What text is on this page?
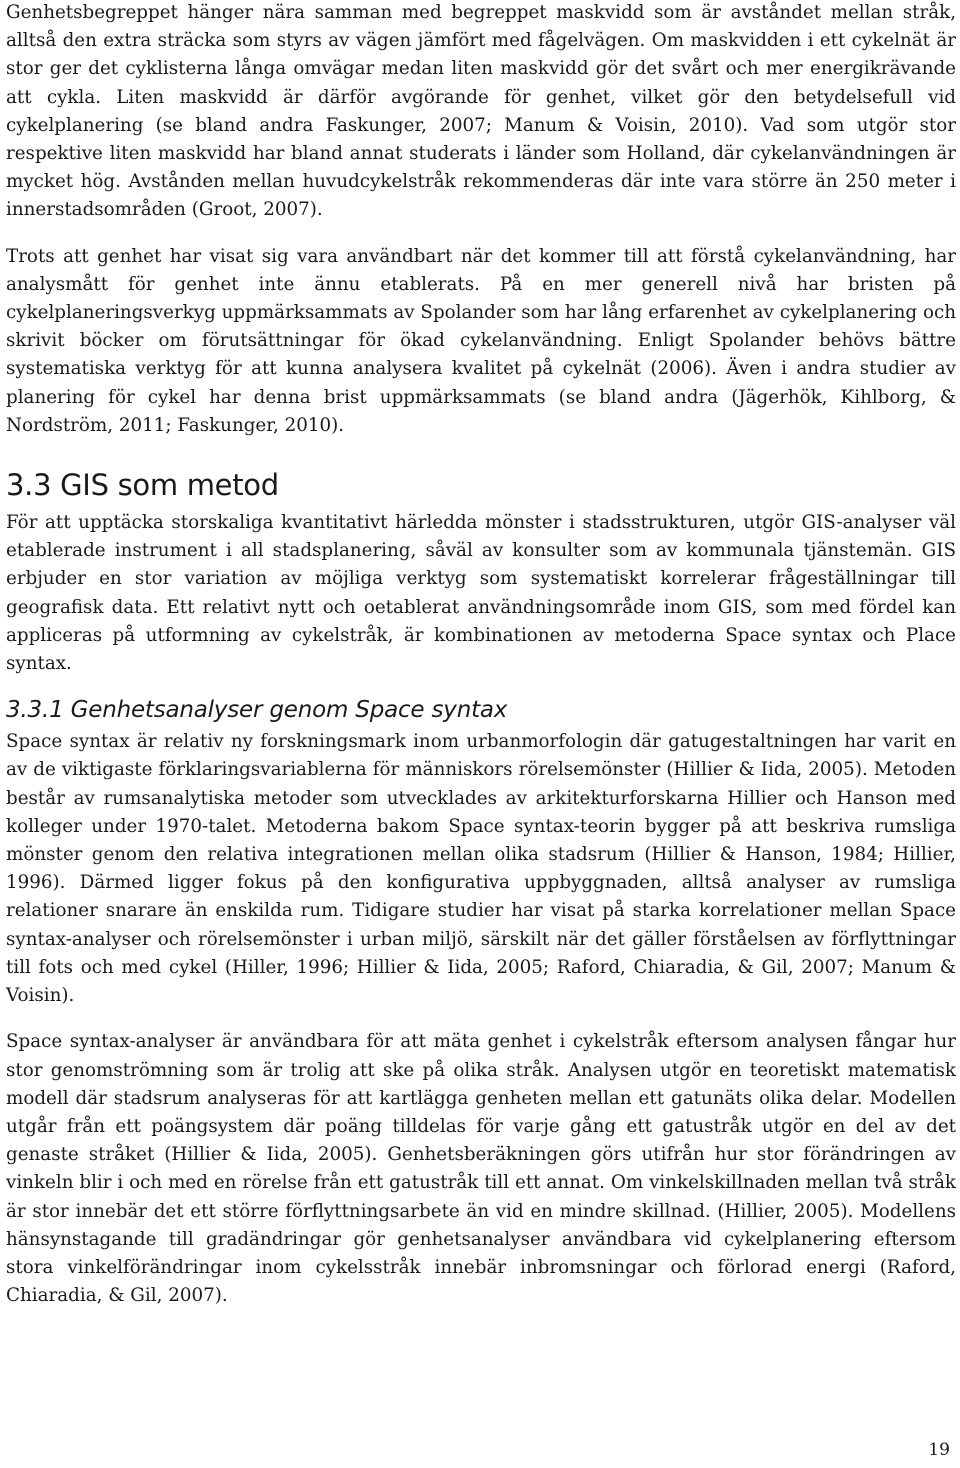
Genhetsbegreppet hänger nära samman med begreppet maskvidd som är avståndet mellan stråk, alltså den extra sträcka som styrs av vägen jämfört med fågelvägen. Om maskvidden i ett cykelnät är stor ger det cyklisterna långa omvägar medan liten maskvidd gör det svårt och mer energikrävande att cykla. Liten maskvidd är därför avgörande för genhet, vilket gör den betydelsefull vid cykelplanering (se bland andra Faskunger, 2007; Manum & Voisin, 2010). Vad som utgör stor respektive liten maskvidd har bland annat studerats i länder som Holland, där cykelanvändningen är mycket hög. Avstånden mellan huvudcykelstråk rekommenderas där inte vara större än 250 meter i innerstadsområden (Groot, 2007).

Trots att genhet har visat sig vara användbart när det kommer till att förstå cykelanvändning, har analysmått för genhet inte ännu etablerats. På en mer generell nivå har bristen på cykelplaneringsverkyg uppmärksammats av Spolander som har lång erfarenhet av cykelplanering och skrivit böcker om förutsättningar för ökad cykelanvändning. Enligt Spolander behövs bättre systematiska verktyg för att kunna analysera kvalitet på cykelnät (2006). Även i andra studier av planering för cykel har denna brist uppmärksammats (se bland andra (Jägerhök, Kihlborg, & Nordström, 2011; Faskunger, 2010).

3.3 GIS som metod

För att upptäcka storskaliga kvantitativt härledda mönster i stadsstrukturen, utgör GIS-analyser väl etablerade instrument i all stadsplanering, såväl av konsulter som av kommunala tjänstemän. GIS erbjuder en stor variation av möjliga verktyg som systematiskt korrelerar frågeställningar till geografisk data. Ett relativt nytt och oetablerat användningsområde inom GIS, som med fördel kan appliceras på utformning av cykelstråk, är kombinationen av metoderna Space syntax och Place syntax.

3.3.1 Genhetsanalyser genom Space syntax

Space syntax är relativ ny forskningsmark inom urbanmorfologin där gatugestaltningen har varit en av de viktigaste förklaringsvariablerna för människors rörelsemönster (Hillier & Iida, 2005). Metoden består av rumsanalytiska metoder som utvecklades av arkitekturforskarna Hillier och Hanson med kolleger under 1970-talet. Metoderna bakom Space syntax-teorin bygger på att beskriva rumsliga mönster genom den relativa integrationen mellan olika stadsrum (Hillier & Hanson, 1984; Hillier, 1996). Därmed ligger fokus på den konfigurativa uppbyggnaden, alltså analyser av rumsliga relationer snarare än enskilda rum. Tidigare studier har visat på starka korrelationer mellan Space syntax-analyser och rörelsemönster i urban miljö, särskilt när det gäller förståelsen av förflyttningar till fots och med cykel (Hiller, 1996; Hillier & Iida, 2005; Raford, Chiaradia, & Gil, 2007; Manum & Voisin).

Space syntax-analyser är användbara för att mäta genhet i cykelstråk eftersom analysen fångar hur stor genomströmning som är trolig att ske på olika stråk. Analysen utgör en teoretiskt matematisk modell där stadsrum analyseras för att kartlägga genheten mellan ett gatunäts olika delar. Modellen utgår från ett poängsystem där poäng tilldelas för varje gång ett gatustråk utgör en del av det genaste stråket (Hillier & Iida, 2005). Genhetsberäkningen görs utifrån hur stor förändringen av vinkeln blir i och med en rörelse från ett gatustråk till ett annat. Om vinkelskillnaden mellan två stråk är stor innebär det ett större förflyttningsarbete än vid en mindre skillnad. (Hillier, 2005). Modellens hänsynstagande till gradändringar gör genhetsanalyser användbara vid cykelplanering eftersom stora vinkelförändringar inom cykelsstråk innebär inbromsningar och förlorad energi (Raford, Chiaradia, & Gil, 2007).

19
